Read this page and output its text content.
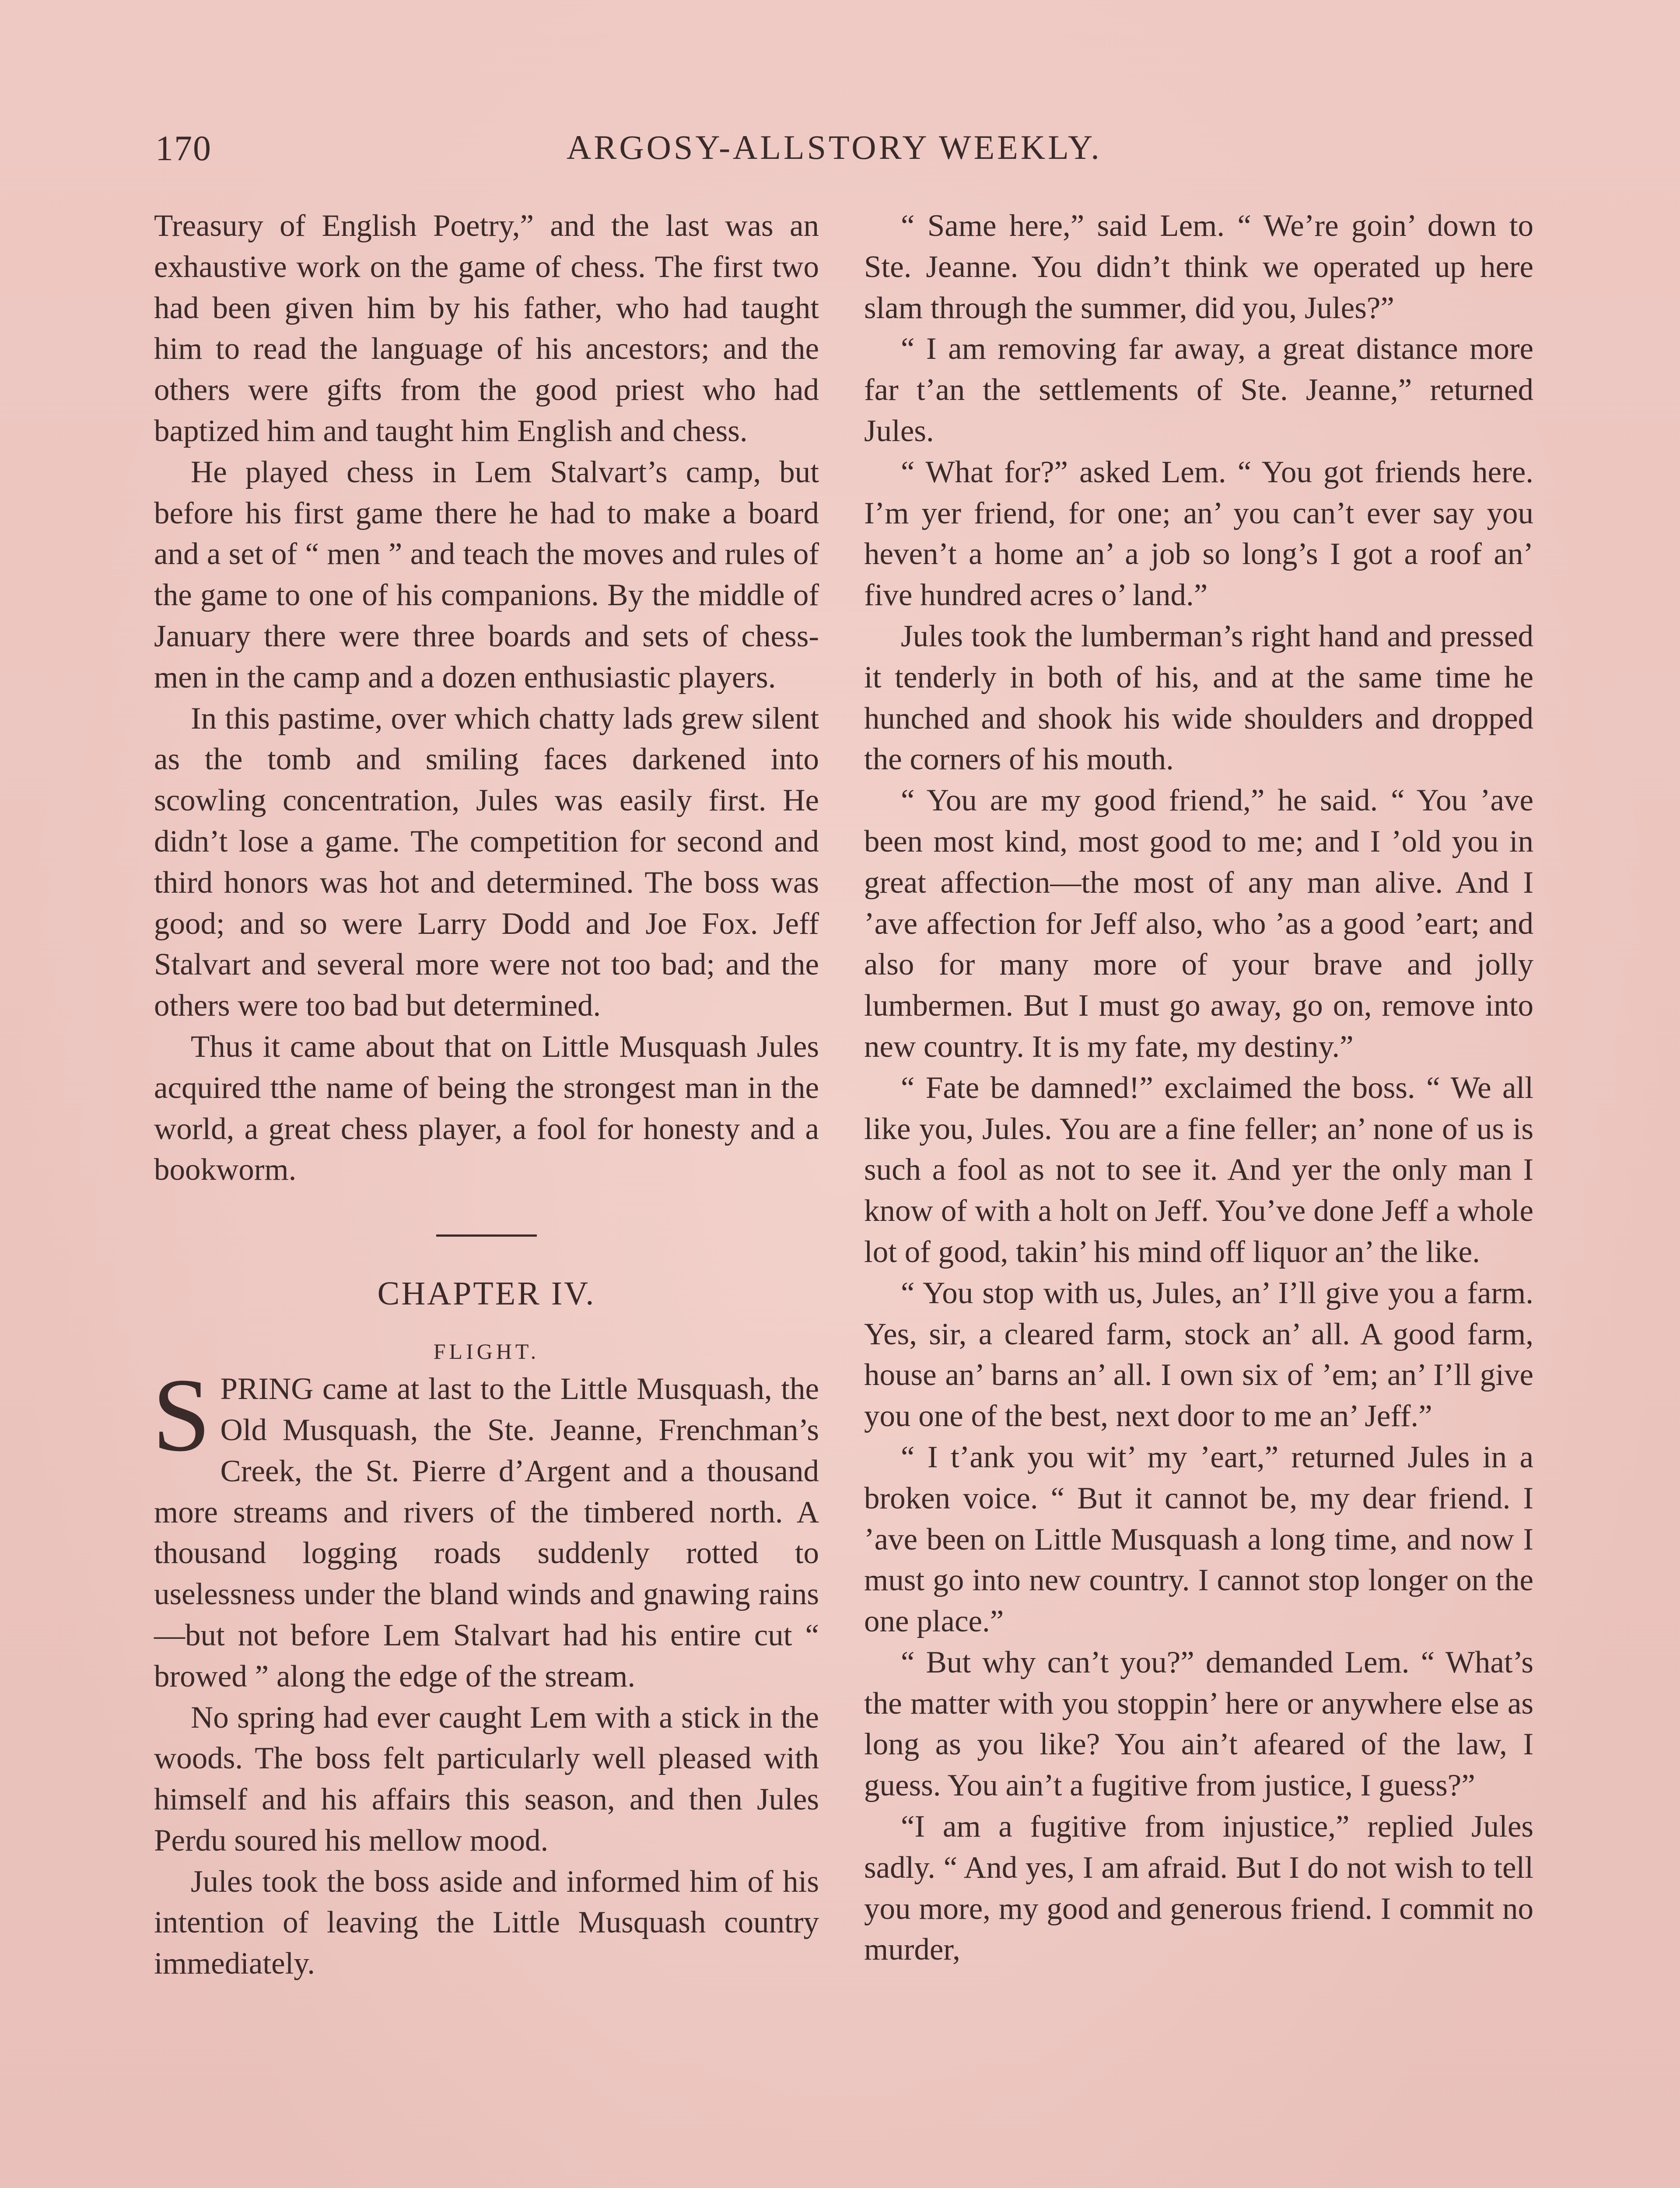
170	ARGOSY-ALLSTORY WEEKLY.

Treasury of English Poetry,” and the last was an exhaustive work on the game of chess. The first two had been given him by his father, who had taught him to read the language of his ancestors; and the others were gifts from the good priest who had baptized him and taught him English and chess.

He played chess in Lem Stalvart’s camp, but before his first game there he had to make a board and a set of “ men ” and teach the moves and rules of the game to one of his companions. By the middle of January there were three boards and sets of chess-men in the camp and a dozen enthusiastic players.

In this pastime, over which chatty lads grew silent as the tomb and smiling faces darkened into scowling concentration, Jules was easily first. He didn’t lose a game. The competition for second and third honors was hot and determined. The boss was good; and so were Larry Dodd and Joe Fox. Jeff Stalvart and several more were not too bad; and the others were too bad but determined.

Thus it came about that on Little Musquash Jules acquired tthe name of being the strongest man in the world, a great chess player, a fool for honesty and a bookworm.

CHAPTER IV.
FLIGHT.

SPRING came at last to the Little Musquash, the Old Musquash, the Ste. Jeanne, Frenchman’s Creek, the St. Pierre d’Argent and a thousand more streams and rivers of the timbered north. A thousand logging roads suddenly rotted to uselessness under the bland winds and gnawing rains—but not before Lem Stalvart had his entire cut “ browed ” along the edge of the stream.

No spring had ever caught Lem with a stick in the woods. The boss felt particularly well pleased with himself and his affairs this season, and then Jules Perdu soured his mellow mood.

Jules took the boss aside and informed him of his intention of leaving the Little Musquash country immediately.

“ Same here,” said Lem. “ We’re goin’ down to Ste. Jeanne. You didn’t think we operated up here slam through the summer, did you, Jules?”

“ I am removing far away, a great distance more far t’an the settlements of Ste. Jeanne,” returned Jules.

“ What for?” asked Lem. “ You got friends here. I’m yer friend, for one; an’ you can’t ever say you heven’t a home an’ a job so long’s I got a roof an’ five hundred acres o’ land.”

Jules took the lumberman’s right hand and pressed it tenderly in both of his, and at the same time he hunched and shook his wide shoulders and dropped the corners of his mouth.

“ You are my good friend,” he said. “ You ’ave been most kind, most good to me; and I ’old you in great affection—the most of any man alive. And I ’ave affection for Jeff also, who ’as a good ’eart; and also for many more of your brave and jolly lumbermen. But I must go away, go on, remove into new country. It is my fate, my destiny.”

“ Fate be damned!” exclaimed the boss. “ We all like you, Jules. You are a fine feller; an’ none of us is such a fool as not to see it. And yer the only man I know of with a holt on Jeff. You’ve done Jeff a whole lot of good, takin’ his mind off liquor an’ the like.

“ You stop with us, Jules, an’ I’ll give you a farm. Yes, sir, a cleared farm, stock an’ all. A good farm, house an’ barns an’ all. I own six of ’em; an’ I’ll give you one of the best, next door to me an’ Jeff.”

“ I t’ank you wit’ my ’eart,” returned Jules in a broken voice. “ But it cannot be, my dear friend. I ’ave been on Little Musquash a long time, and now I must go into new country. I cannot stop longer on the one place.”

“ But why can’t you?” demanded Lem. “ What’s the matter with you stoppin’ here or anywhere else as long as you like? You ain’t afeared of the law, I guess. You ain’t a fugitive from justice, I guess?”

“I am a fugitive from injustice,” replied Jules sadly. “ And yes, I am afraid. But I do not wish to tell you more, my good and generous friend. I commit no murder,
